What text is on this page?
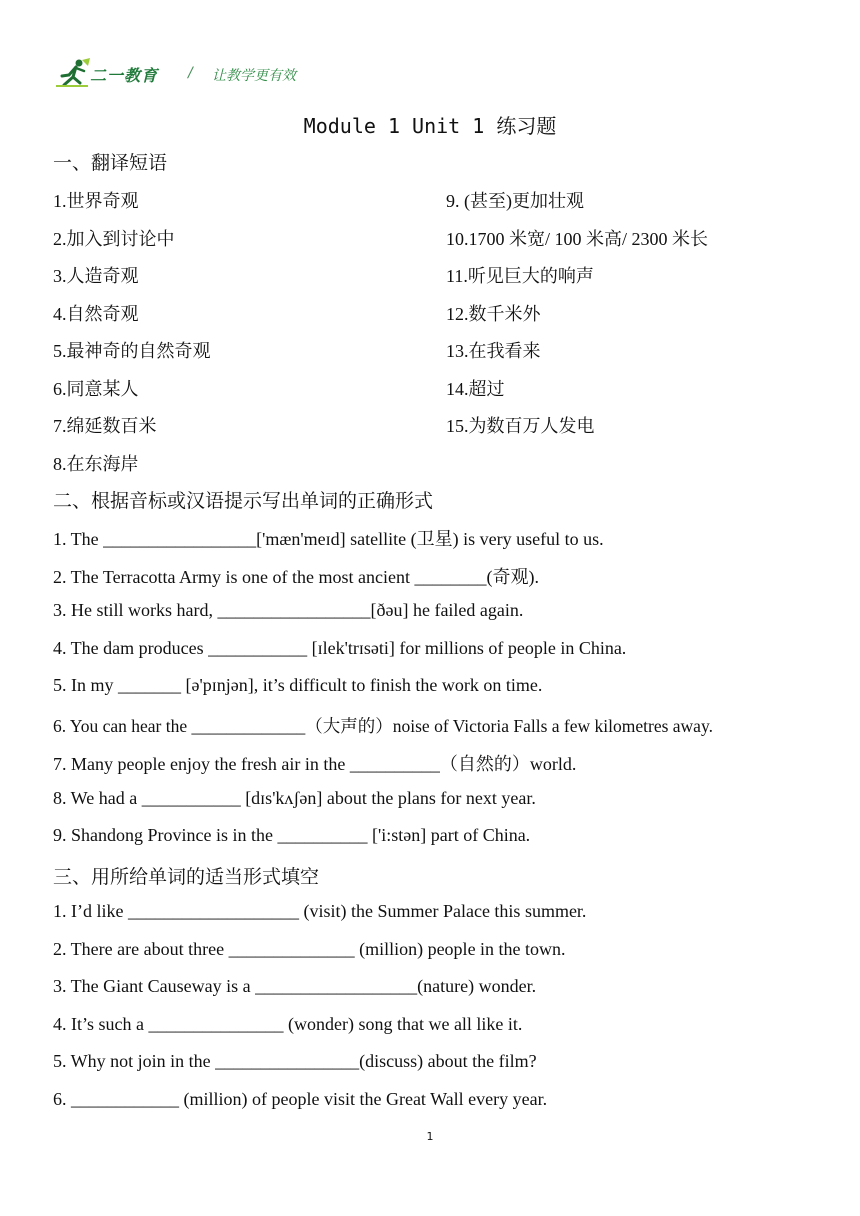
二一教育 / 让教学更有效
Module 1 Unit 1 练习题
一、翻译短语
1.世界奇观
2.加入到讨论中
3.人造奇观
4.自然奇观
5.最神奇的自然奇观
6.同意某人
7.绵延数百米
8.在东海岸
9. (甚至)更加壮观
10.1700 米宽/ 100 米高/ 2300 米长
11.听见巨大的响声
12.数千米外
13.在我看来
14.超过
15.为数百万人发电
二、根据音标或汉语提示写出单词的正确形式
1. The _________________['mæn'meɪd] satellite (卫星) is very useful to us.
2. The Terracotta Army is one of the most ancient ________(奇观).
3. He still works hard, _________________[ðəu] he failed again.
4. The dam produces ___________ [ɪlek'trɪsəti] for millions of people in China.
5. In my _______ [ə'pɪnjən], it’s difficult to finish the work on time.
6. You can hear the _____________（大声的）noise of Victoria Falls a few kilometres away.
7. Many people enjoy the fresh air in the __________（自然的）world.
8. We had a ___________ [dɪs'kʌʃən] about the plans for next year.
9. Shandong Province is in the __________ ['i:stən] part of China.
三、用所给单词的适当形式填空
1. I’d like ___________________ (visit) the Summer Palace this summer.
2. There are about three ______________ (million) people in the town.
3. The Giant Causeway is a __________________(nature) wonder.
4. It’s such a _______________ (wonder) song that we all like it.
5. Why not join in the ________________(discuss) about the film?
6. ____________ (million) of people visit the Great Wall every year.
1
